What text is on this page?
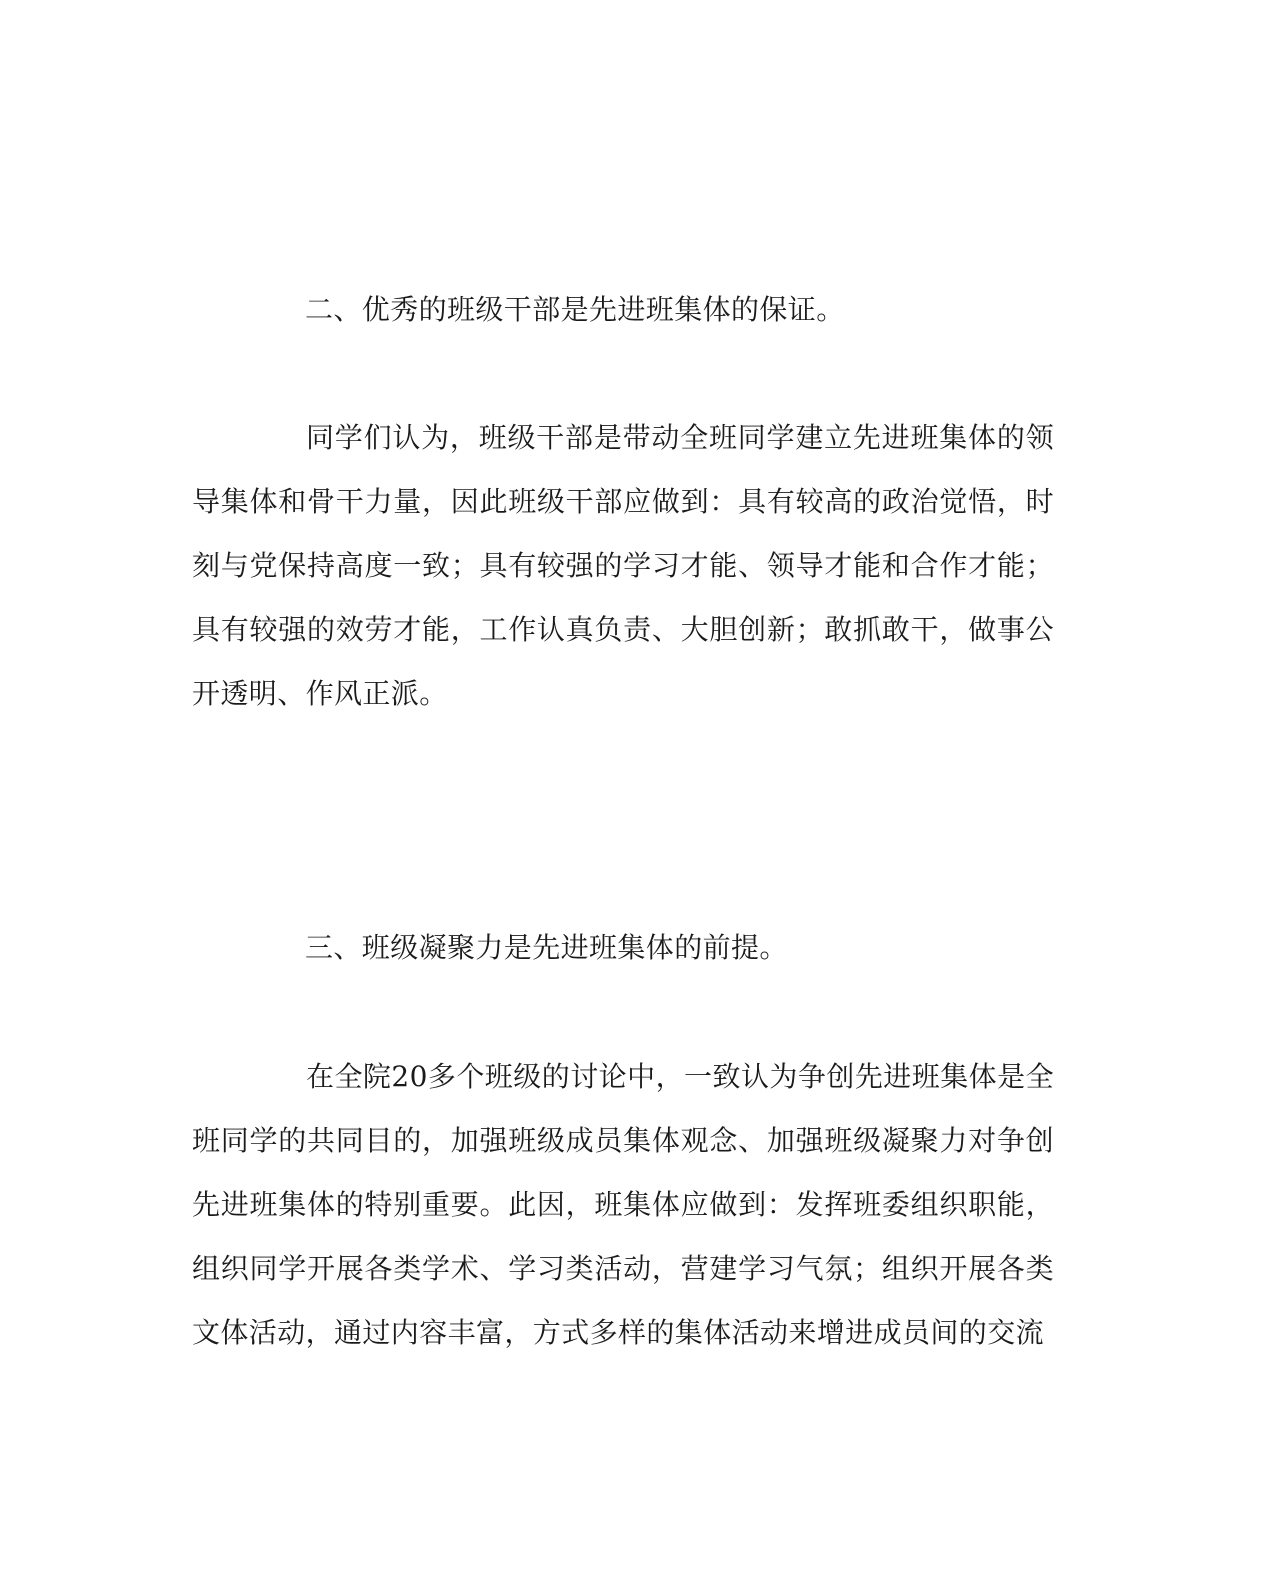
二、优秀的班级干部是先进班集体的保证。

同学们认为，班级干部是带动全班同学建立先进班集体的领导集体和骨干力量，因此班级干部应做到：具有较高的政治觉悟，时刻与党保持高度一致；具有较强的学习才能、领导才能和合作才能；具有较强的效劳才能，工作认真负责、大胆创新；敢抓敢干，做事公开透明、作风正派。

三、班级凝聚力是先进班集体的前提。

在全院20多个班级的讨论中，一致认为争创先进班集体是全班同学的共同目的，加强班级成员集体观念、加强班级凝聚力对争创先进班集体的特别重要。此因，班集体应做到：发挥班委组织职能，组织同学开展各类学术、学习类活动，营建学习气氛；组织开展各类文体活动，通过内容丰富，方式多样的集体活动来增进成员间的交流
